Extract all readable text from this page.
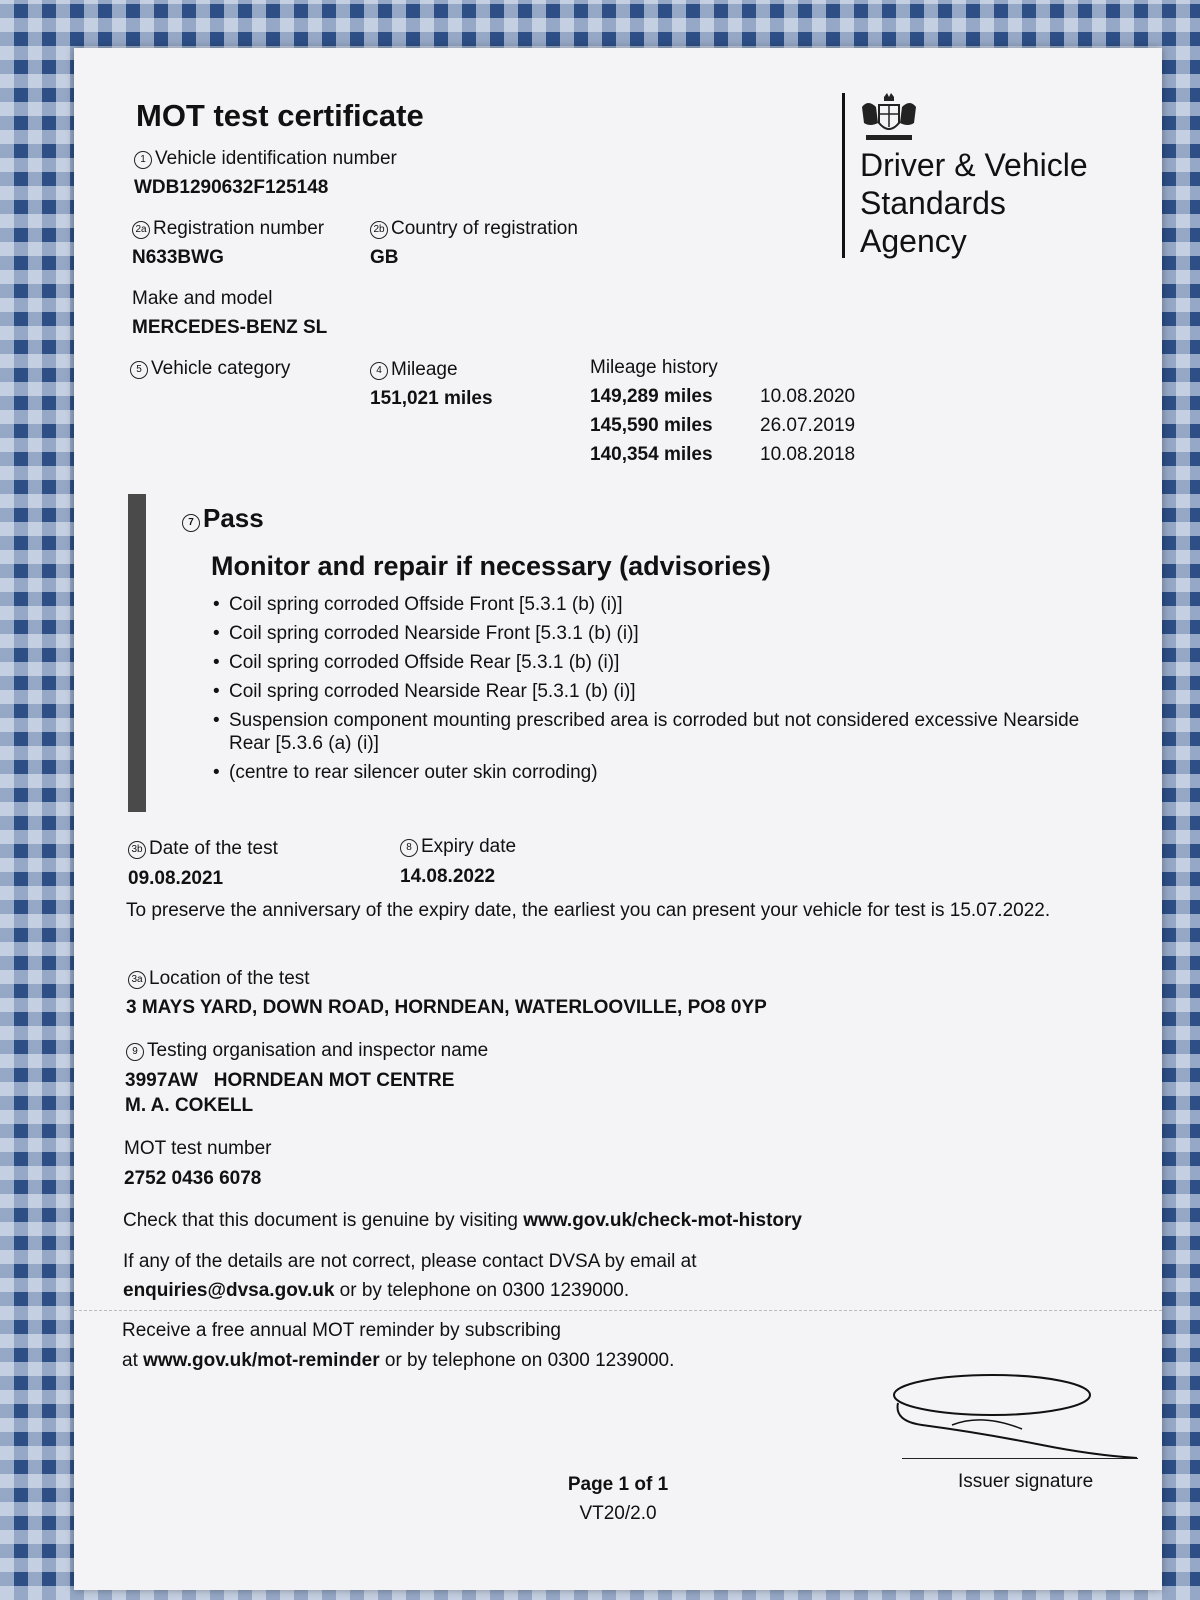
MOT test certificate
1 Vehicle identification number
WDB1290632F125148
2a Registration number
N633BWG
2b Country of registration
GB
Make and model
MERCEDES-BENZ SL
5 Vehicle category	4 Mileage
151,021 miles
Mileage history
149,289 miles 10.08.2020
145,590 miles 26.07.2019
140,354 miles 10.08.2018
Driver & Vehicle
Standards
Agency
7 Pass
Monitor and repair if necessary (advisories)
• Coil spring corroded Offside Front [5.3.1 (b) (i)]
• Coil spring corroded Nearside Front [5.3.1 (b) (i)]
• Coil spring corroded Offside Rear [5.3.1 (b) (i)]
• Coil spring corroded Nearside Rear [5.3.1 (b) (i)]
• Suspension component mounting prescribed area is corroded but not considered excessive Nearside Rear [5.3.6 (a) (i)]
• (centre to rear silencer outer skin corroding)
3b Date of the test
09.08.2021
8 Expiry date
14.08.2022
To preserve the anniversary of the expiry date, the earliest you can present your vehicle for test is 15.07.2022.
3a Location of the test
3 MAYS YARD, DOWN ROAD, HORNDEAN, WATERLOOVILLE, PO8 0YP
9 Testing organisation and inspector name
3997AW HORNDEAN MOT CENTRE
M. A. COKELL
MOT test number
2752 0436 6078
Check that this document is genuine by visiting www.gov.uk/check-mot-history
If any of the details are not correct, please contact DVSA by email at
enquiries@dvsa.gov.uk or by telephone on 0300 1239000.
Receive a free annual MOT reminder by subscribing
at www.gov.uk/mot-reminder or by telephone on 0300 1239000.
Issuer signature
Page 1 of 1
VT20/2.0
